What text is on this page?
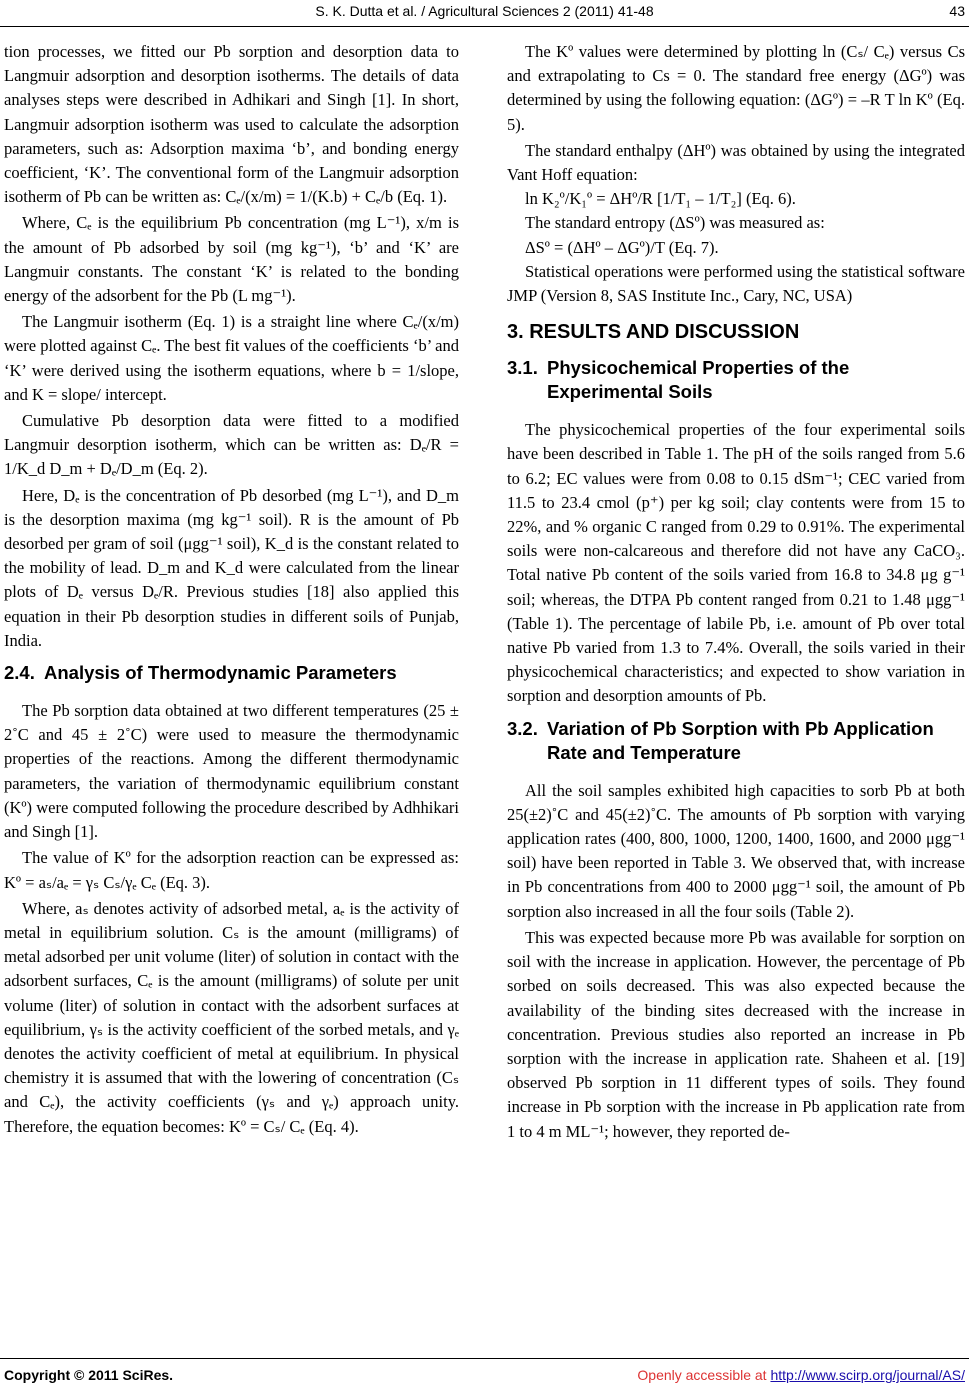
S. K. Dutta et al. / Agricultural Sciences 2 (2011) 41-48	43

tion processes, we fitted our Pb sorption and desorption data to Langmuir adsorption and desorption isotherms. The details of data analyses steps were described in Adhikari and Singh [1]. In short, Langmuir adsorption isotherm was used to calculate the adsorption parameters, such as: Adsorption maxima ‘b’, and bonding energy coefficient, ‘K’. The conventional form of the Langmuir adsorption isotherm of Pb can be written as: Cₑ/(x/m) = 1/(K.b) + Cₑ/b (Eq. 1).

Where, Cₑ is the equilibrium Pb concentration (mg L⁻¹), x/m is the amount of Pb adsorbed by soil (mg kg⁻¹), ‘b’ and ‘K’ are Langmuir constants. The constant ‘K’ is related to the bonding energy of the adsorbent for the Pb (L mg⁻¹).

The Langmuir isotherm (Eq. 1) is a straight line where Cₑ/(x/m) were plotted against Cₑ. The best fit values of the coefficients ‘b’ and ‘K’ were derived using the isotherm equations, where b = 1/slope, and K = slope/ intercept.

Cumulative Pb desorption data were fitted to a modified Langmuir desorption isotherm, which can be written as: Dₑ/R = 1/K_d D_m + Dₑ/D_m (Eq. 2).

Here, Dₑ is the concentration of Pb desorbed (mg L⁻¹), and D_m is the desorption maxima (mg kg⁻¹ soil). R is the amount of Pb desorbed per gram of soil (μgg⁻¹ soil), K_d is the constant related to the mobility of lead. D_m and K_d were calculated from the linear plots of Dₑ versus Dₑ/R. Previous studies [18] also applied this equation in their Pb desorption studies in different soils of Punjab, India.

2.4. Analysis of Thermodynamic Parameters

The Pb sorption data obtained at two different temperatures (25 ± 2˚C and 45 ± 2˚C) were used to measure the thermodynamic properties of the reactions. Among the different thermodynamic parameters, the variation of thermodynamic equilibrium constant (Kº) were computed following the procedure described by Adhhikari and Singh [1].

The value of Kº for the adsorption reaction can be expressed as: Kº = aₛ/aₑ = γₛ Cₛ/γₑ Cₑ (Eq. 3).

Where, aₛ denotes activity of adsorbed metal, aₑ is the activity of metal in equilibrium solution. Cₛ is the amount (milligrams) of metal adsorbed per unit volume (liter) of solution in contact with the adsorbent surfaces, Cₑ is the amount (milligrams) of solute per unit volume (liter) of solution in contact with the adsorbent surfaces at equilibrium, γₛ is the activity coefficient of the sorbed metals, and γₑ denotes the activity coefficient of metal at equilibrium. In physical chemistry it is assumed that with the lowering of concentration (Cₛ and Cₑ), the activity coefficients (γₛ and γₑ) approach unity. Therefore, the equation becomes: Kº = Cₛ/ Cₑ (Eq. 4).

The Kº values were determined by plotting ln (Cₛ/ Cₑ) versus Cs and extrapolating to Cs = 0. The standard free energy (ΔGº) was determined by using the following equation: (ΔGº) = –R T ln Kº (Eq. 5).

The standard enthalpy (ΔHº) was obtained by using the integrated Vant Hoff equation:

ln K₂º/K₁º = ΔHº/R [1/T₁ – 1/T₂] (Eq. 6).

The standard entropy (ΔSº) was measured as:

ΔSº = (ΔHº – ΔGº)/T (Eq. 7).

Statistical operations were performed using the statistical software JMP (Version 8, SAS Institute Inc., Cary, NC, USA)

3. RESULTS AND DISCUSSION
3.1. Physicochemical Properties of the Experimental Soils

The physicochemical properties of the four experimental soils have been described in Table 1. The pH of the soils ranged from 5.6 to 6.2; EC values were from 0.08 to 0.15 dSm⁻¹; CEC varied from 11.5 to 23.4 cmol (p⁺) per kg soil; clay contents were from 15 to 22%, and % organic C ranged from 0.29 to 0.91%. The experimental soils were non-calcareous and therefore did not have any CaCO₃. Total native Pb content of the soils varied from 16.8 to 34.8 μg g⁻¹ soil; whereas, the DTPA Pb content ranged from 0.21 to 1.48 μgg⁻¹ (Table 1). The percentage of labile Pb, i.e. amount of Pb over total native Pb varied from 1.3 to 7.4%. Overall, the soils varied in their physicochemical characteristics; and expected to show variation in sorption and desorption amounts of Pb.

3.2. Variation of Pb Sorption with Pb Application Rate and Temperature

All the soil samples exhibited high capacities to sorb Pb at both 25(±2)˚C and 45(±2)˚C. The amounts of Pb sorption with varying application rates (400, 800, 1000, 1200, 1400, 1600, and 2000 μgg⁻¹ soil) have been reported in Table 3. We observed that, with increase in Pb concentrations from 400 to 2000 μgg⁻¹ soil, the amount of Pb sorption also increased in all the four soils (Table 2).

This was expected because more Pb was available for sorption on soil with the increase in application. However, the percentage of Pb sorbed on soils decreased. This was also expected because the availability of the binding sites decreased with the increase in concentration. Previous studies also reported an increase in Pb sorption with the increase in application rate. Shaheen et al. [19] observed Pb sorption in 11 different types of soils. They found increase in Pb sorption with the increase in Pb application rate from 1 to 4 m ML⁻¹; however, they reported de-

Copyright © 2011 SciRes.	Openly accessible at http://www.scirp.org/journal/AS/
